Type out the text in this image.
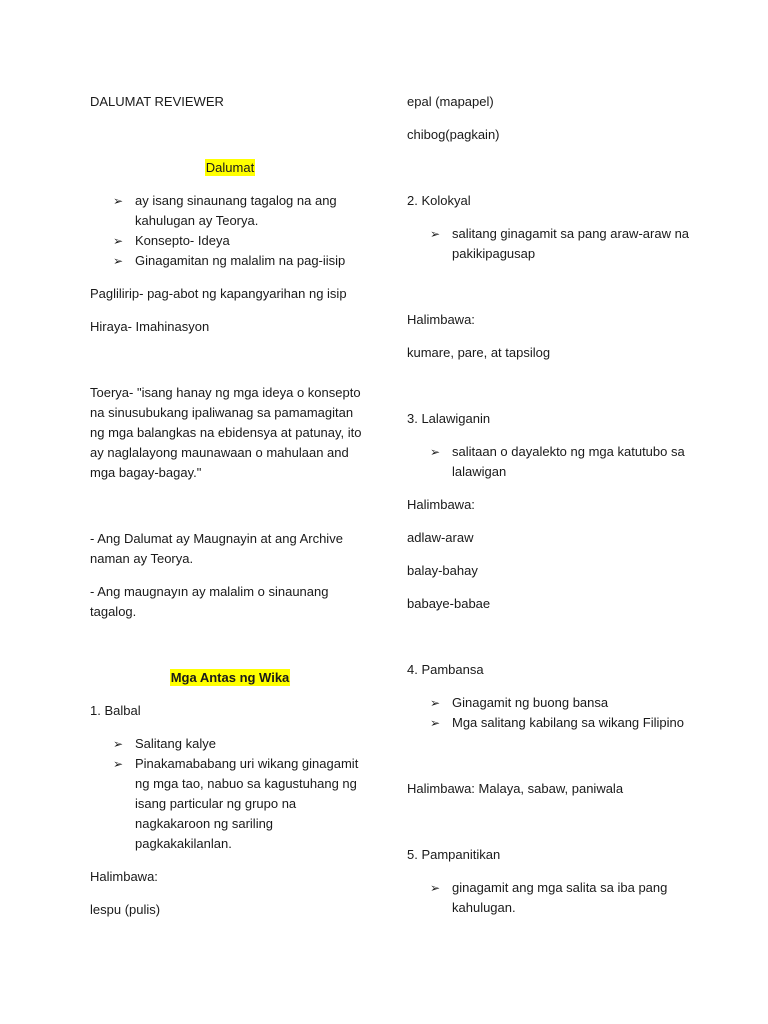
DALUMAT REVIEWER

Dalumat

➢ ay isang sinaunang tagalog na ang kahulugan ay Teorya.
➢ Konsepto- Ideya
➢ Ginagamitan ng malalim na pag-iisip

Paglilirip- pag-abot ng kapangyarihan ng isip

Hiraya- Imahinasyon

Toerya- "isang hanay ng mga ideya o konsepto na sinusubukang ipaliwanag sa pamamagitan ng mga balangkas na ebidensya at patunay, ito ay naglalayong maunawaan o mahulaan and mga bagay-bagay."

- Ang Dalumat ay Maugnayin at ang Archive naman ay Teorya.

- Ang maugnayın ay malalim o sinaunang tagalog.

Mga Antas ng Wika

1. Balbal

➢ Salitang kalye
➢ Pinakamababang uri wikang ginagamit ng mga tao, nabuo sa kagustuhang ng isang particular ng grupo na nagkakaroon ng sariling pagkakakilanlan.

Halimbawa:

lespu (pulis)

epal (mapapel)

chibog(pagkain)

2. Kolokyal

➢ salitang ginagamit sa pang araw-araw na pakikipagusap

Halimbawa:

kumare, pare, at tapsilog

3. Lalawiganin

➢ salitaan o dayalekto ng mga katutubo sa lalawigan

Halimbawa:

adlaw-araw

balay-bahay

babaye-babae

4. Pambansa

➢ Ginagamit ng buong bansa
➢ Mga salitang kabilang sa wikang Filipino

Halimbawa: Malaya, sabaw, paniwala

5. Pampanitikan

➢ ginagamit ang mga salita sa iba pang kahulugan.
